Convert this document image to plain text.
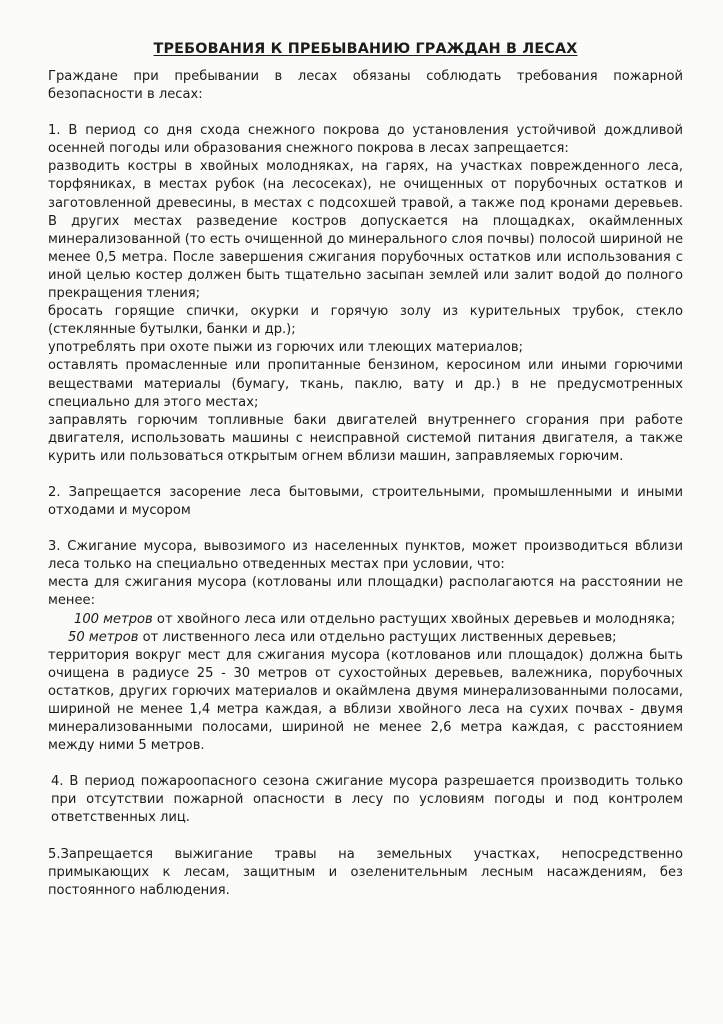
ТРЕБОВАНИЯ К ПРЕБЫВАНИЮ ГРАЖДАН В ЛЕСАХ

Граждане при пребывании в лесах обязаны соблюдать требования пожарной безопасности в лесах:

1. В период со дня схода снежного покрова до установления устойчивой дождливой осенней погоды или образования снежного покрова в лесах запрещается:

разводить костры в хвойных молодняках, на гарях, на участках поврежденного леса, торфяниках, в местах рубок (на лесосеках), не очищенных от порубочных остатков и заготовленной древесины, в местах с подсохшей травой, а также под кронами деревьев. В других местах разведение костров допускается на площадках, окаймленных минерализованной (то есть очищенной до минерального слоя почвы) полосой шириной не менее 0,5 метра. После завершения сжигания порубочных остатков или использования с иной целью костер должен быть тщательно засыпан землей или залит водой до полного прекращения тления;

бросать горящие спички, окурки и горячую золу из курительных трубок, стекло (стеклянные бутылки, банки и др.);

употреблять при охоте пыжи из горючих или тлеющих материалов;

оставлять промасленные или пропитанные бензином, керосином или иными горючими веществами материалы (бумагу, ткань, паклю, вату и др.) в не предусмотренных специально для этого местах;

заправлять горючим топливные баки двигателей внутреннего сгорания при работе двигателя, использовать машины с неисправной системой питания двигателя, а также курить или пользоваться открытым огнем вблизи машин, заправляемых горючим.

2. Запрещается засорение леса бытовыми, строительными, промышленными и иными отходами и мусором

3. Сжигание мусора, вывозимого из населенных пунктов, может производиться вблизи леса только на специально отведенных местах при условии, что:

места для сжигания мусора (котлованы или площадки) располагаются на расстоянии не менее:

100 метров от хвойного леса или отдельно растущих хвойных деревьев и молодняка;

50 метров от лиственного леса или отдельно растущих лиственных деревьев;

территория вокруг мест для сжигания мусора (котлованов или площадок) должна быть очищена в радиусе 25 - 30 метров от сухостойных деревьев, валежника, порубочных остатков, других горючих материалов и окаймлена двумя минерализованными полосами, шириной не менее 1,4 метра каждая, а вблизи хвойного леса на сухих почвах - двумя минерализованными полосами, шириной не менее 2,6 метра каждая, с расстоянием между ними 5 метров.

4. В период пожароопасного сезона сжигание мусора разрешается производить только при отсутствии пожарной опасности в лесу по условиям погоды и под контролем ответственных лиц.

5.Запрещается выжигание травы на земельных участках, непосредственно примыкающих к лесам, защитным и озеленительным лесным насаждениям, без постоянного наблюдения.
